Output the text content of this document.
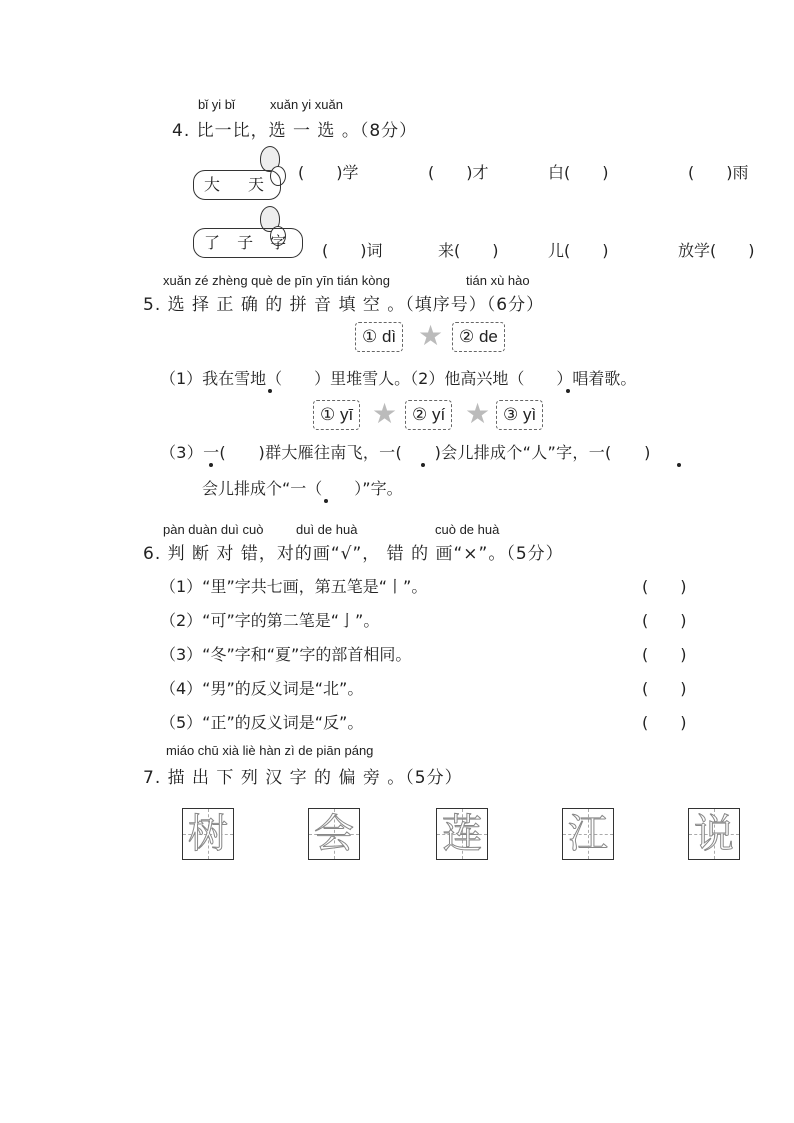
bǐ yi bǐ	xuǎn yi xuǎn
4. 比一比，选 一 选 。（8分）
大　天
(　　)学	(　　)才	白(　　)	(　　)雨
了 子 字	(　　)词	来(　　)	儿(　　)	放学(　　)
xuǎn zé zhèng què de pīn yīn tián kòng	tián xù hào
5. 选 择 正 确 的 拼 音 填 空 。（填序号）（6分）
① dì ★ ② de
（1）我在雪地（　　）里堆雪人。（2）他高兴地（　　）唱着歌。
① yī ★ ② yí ★ ③ yì
（3）一(　　)群大雁往南飞，一(　　)会儿排成个“人”字，一(　　)
会儿排成个“一（　　）”字。
pàn duàn duì cuò	duì de huà	cuò de huà
6. 判 断 对 错，对的画“√”， 错 的 画“×”。（5分）
（1）“里”字共七画，第五笔是“丨”。	(　　)
（2）“可”字的第二笔是“亅”。	(　　)
（3）“冬”字和“夏”字的部首相同。	(　　)
（4）“男”的反义词是“北”。	(　　)
（5）“正”的反义词是“反”。	(　　)
miáo chū xià liè hàn zì de piān páng
7. 描 出 下 列 汉 字 的 偏 旁 。（5分）
树 会 莲 江 说
